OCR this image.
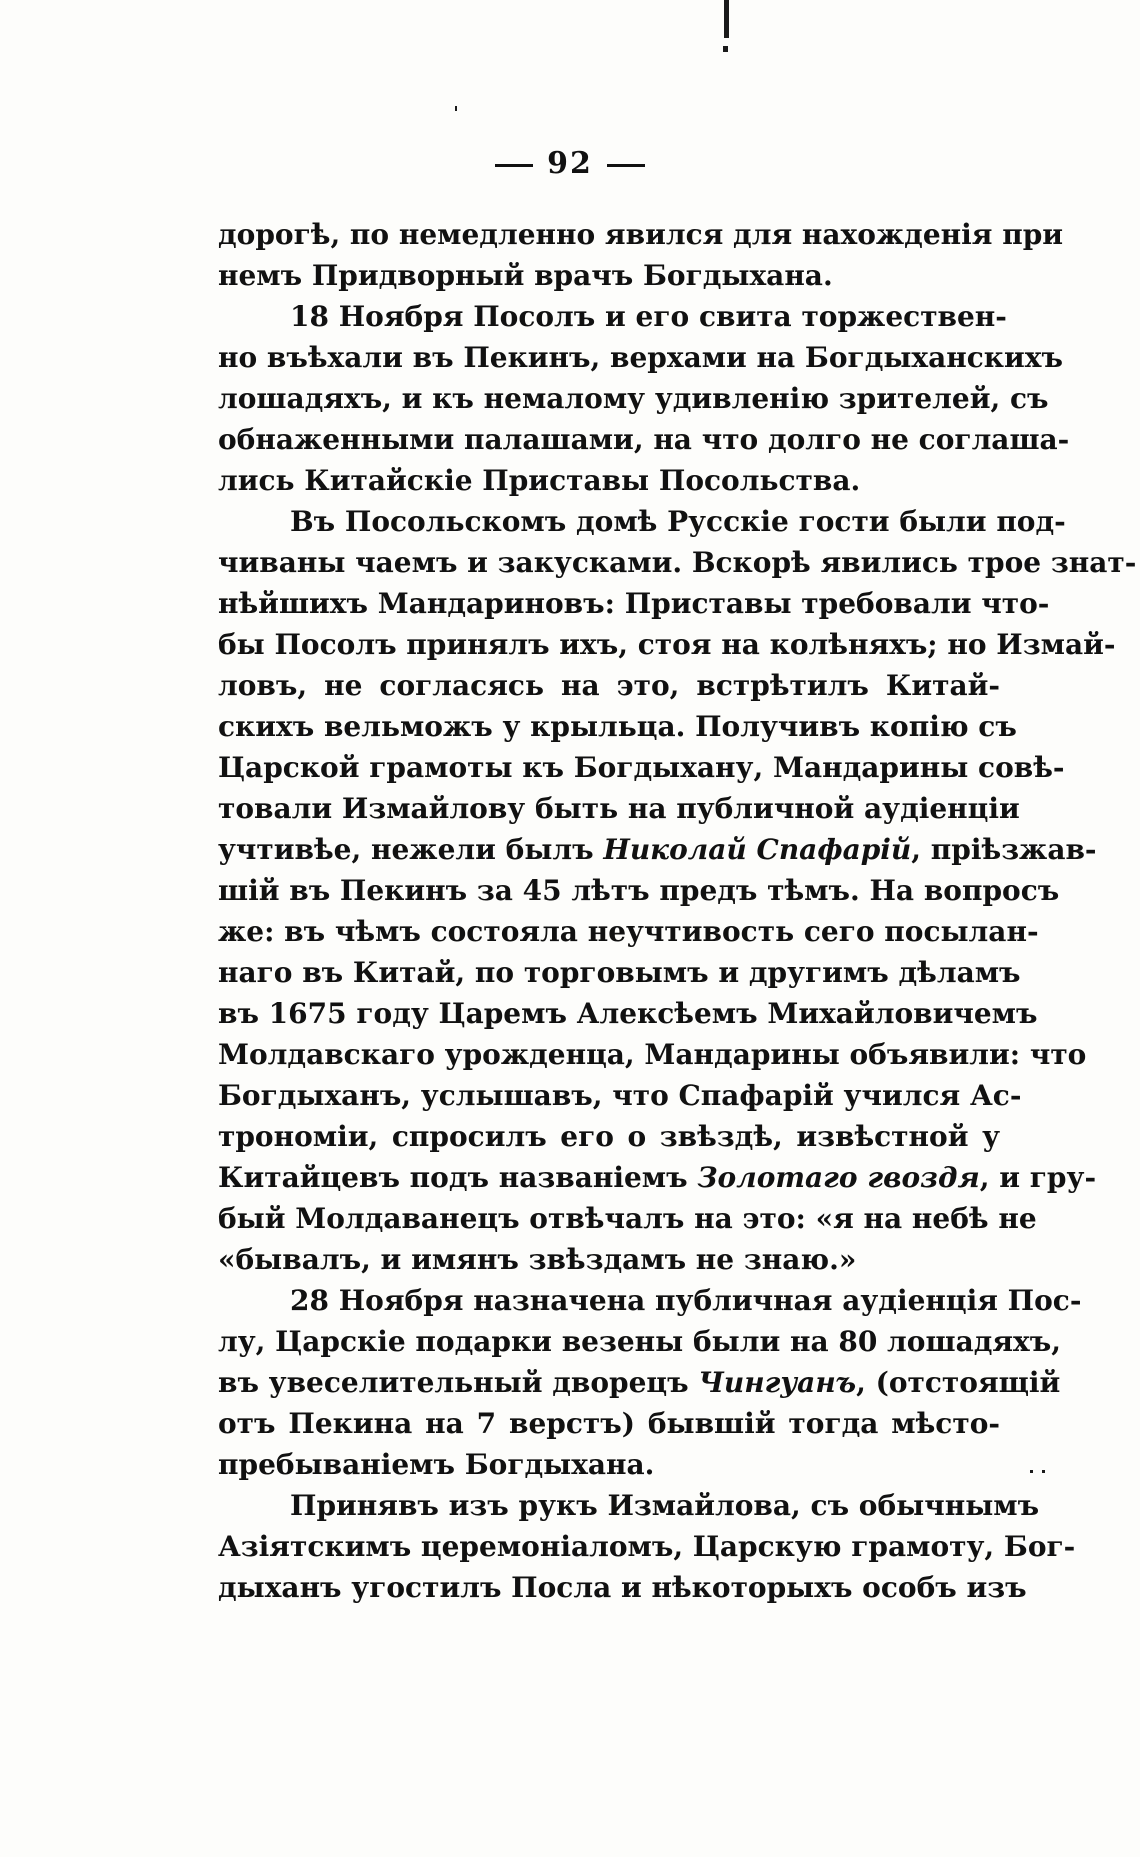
92
дорогѣ, по немедленно явился для нахожденія при
немъ Придворный врачъ Богдыхана.
18 Ноября Посолъ и его свита торжествен-
но въѣхали въ Пекинъ, верхами на Богдыханскихъ
лошадяхъ, и къ немалому удивленію зрителей, съ
обнаженными палашами, на что долго не соглаша-
лись Китайскіе Приставы Посольства.
Въ Посольскомъ домѣ Русскіе гости были под-
чиваны чаемъ и закусками. Вскорѣ явились трое знат-
нѣйшихъ Мандариновъ: Приставы требовали что-
бы Посолъ принялъ ихъ, стоя на колѣняхъ; но Измай-
ловъ, не согласясь на это, встрѣтилъ Китай-
скихъ вельможъ у крыльца. Получивъ копію съ
Царской грамоты къ Богдыхану, Мандарины совѣ-
товали Измайлову быть на публичной аудіенціи
учтивѣе, нежели былъ Николай Спафарій, пріѣзжав-
шій въ Пекинъ за 45 лѣтъ предъ тѣмъ. На вопросъ
же: въ чѣмъ состояла неучтивость сего посылан-
наго въ Китай, по торговымъ и другимъ дѣламъ
въ 1675 году Царемъ Алексѣемъ Михайловичемъ
Молдавскаго урожденца, Мандарины объявили: что
Богдыханъ, услышавъ, что Спафарій учился Ас-
трономіи, спросилъ его о звѣздѣ, извѣстной у
Китайцевъ подъ названіемъ Золотаго гвоздя, и гру-
бый Молдаванецъ отвѣчалъ на это: «я на небѣ не
«бывалъ, и имянъ звѣздамъ не знаю.»
28 Ноября назначена публичная аудіенція Пос-
лу, Царскіе подарки везены были на 80 лошадяхъ,
въ увеселительный дворецъ Чингуанъ, (отстоящій
отъ Пекина на 7 верстъ) бывшій тогда мѣсто-
пребываніемъ Богдыхана.
Принявъ изъ рукъ Измайлова, съ обычнымъ
Азіятскимъ церемоніаломъ, Царскую грамоту, Бог-
дыханъ угостилъ Посла и нѣкоторыхъ особъ изъ
